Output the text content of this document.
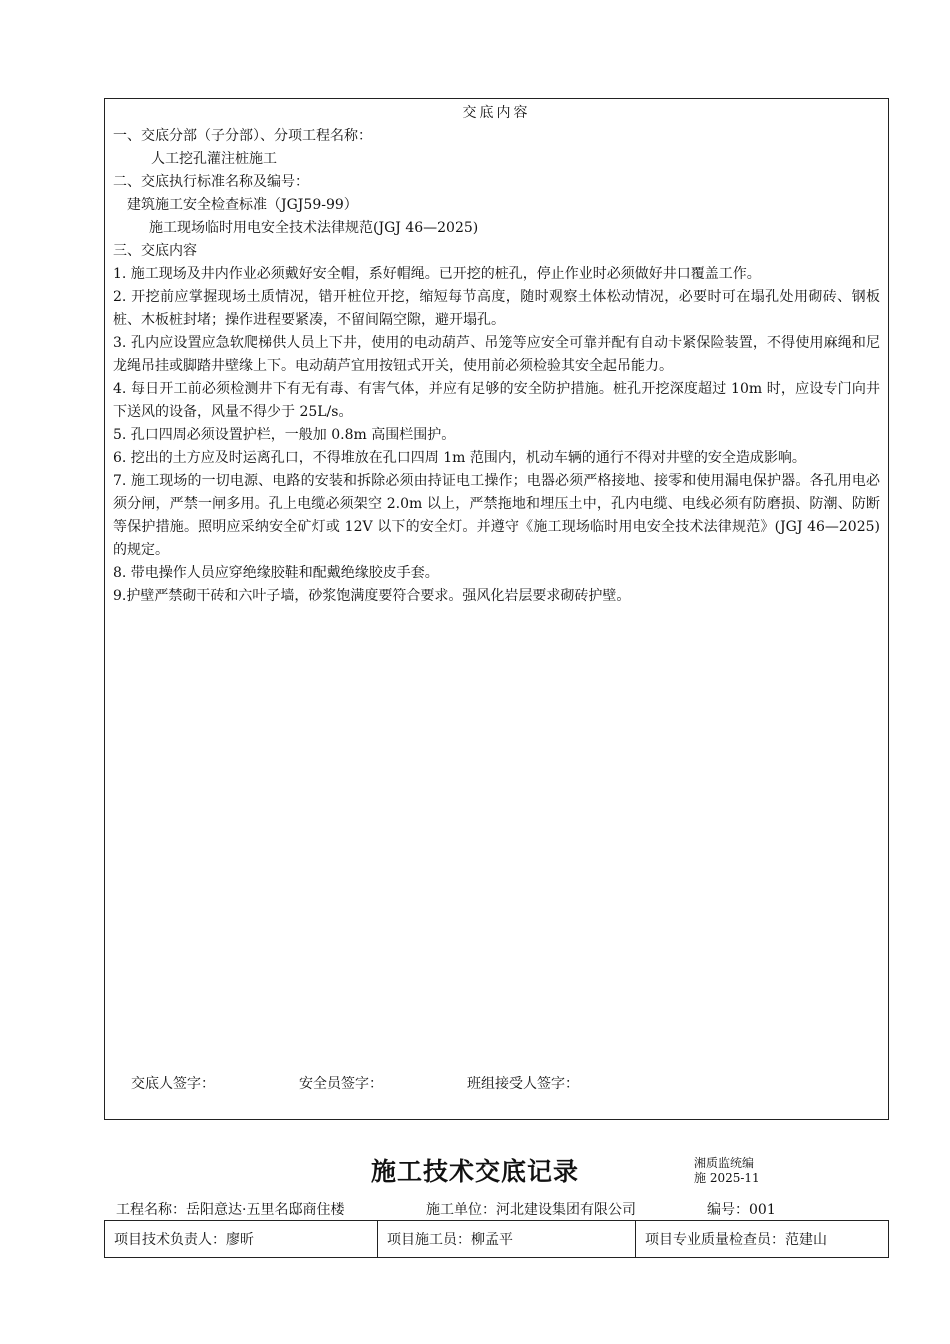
交底内容

一、交底分部（子分部）、分项工程名称：

人工挖孔灌注桩施工

二、交底执行标准名称及编号：

建筑施工安全检查标准（JGJ59-99）

施工现场临时用电安全技术法律规范(JGJ 46—2025)

三、交底内容

1. 施工现场及井内作业必须戴好安全帽，系好帽绳。已开挖的桩孔，停止作业时必须做好井口覆盖工作。

2. 开挖前应掌握现场土质情况，错开桩位开挖，缩短每节高度，随时观察土体松动情况，必要时可在塌孔处用砌砖、钢板桩、木板桩封堵；操作进程要紧凑，不留间隔空隙，避开塌孔。

3. 孔内应设置应急软爬梯供人员上下井，使用的电动葫芦、吊笼等应安全可靠并配有自动卡紧保险装置，不得使用麻绳和尼龙绳吊挂或脚踏井壁缘上下。电动葫芦宜用按钮式开关，使用前必须检验其安全起吊能力。

4. 每日开工前必须检测井下有无有毒、有害气体，并应有足够的安全防护措施。桩孔开挖深度超过 10m 时，应设专门向井下送风的设备，风量不得少于 25L/s。

5. 孔口四周必须设置护栏，一般加 0.8m 高围栏围护。

6. 挖出的土方应及时运离孔口，不得堆放在孔口四周 1m 范围内，机动车辆的通行不得对井壁的安全造成影响。

7. 施工现场的一切电源、电路的安装和拆除必须由持证电工操作；电器必须严格接地、接零和使用漏电保护器。各孔用电必须分闸，严禁一闸多用。孔上电缆必须架空 2.0m 以上，严禁拖地和埋压土中，孔内电缆、电线必须有防磨损、防潮、防断等保护措施。照明应采纳安全矿灯或 12V 以下的安全灯。并遵守《施工现场临时用电安全技术法律规范》(JGJ 46—2025)的规定。

8. 带电操作人员应穿绝缘胶鞋和配戴绝缘胶皮手套。

9.护壁严禁砌干砖和六叶子墙，砂浆饱满度要符合要求。强风化岩层要求砌砖护壁。

交底人签字：	安全员签字：	班组接受人签字：
施工技术交底记录	湘质监统编
施 2025-11
工程名称：岳阳意达·五里名邸商住楼	施工单位：河北建设集团有限公司	编号：001
项目技术负责人：廖昕	项目施工员：柳孟平	项目专业质量检查员：范建山
